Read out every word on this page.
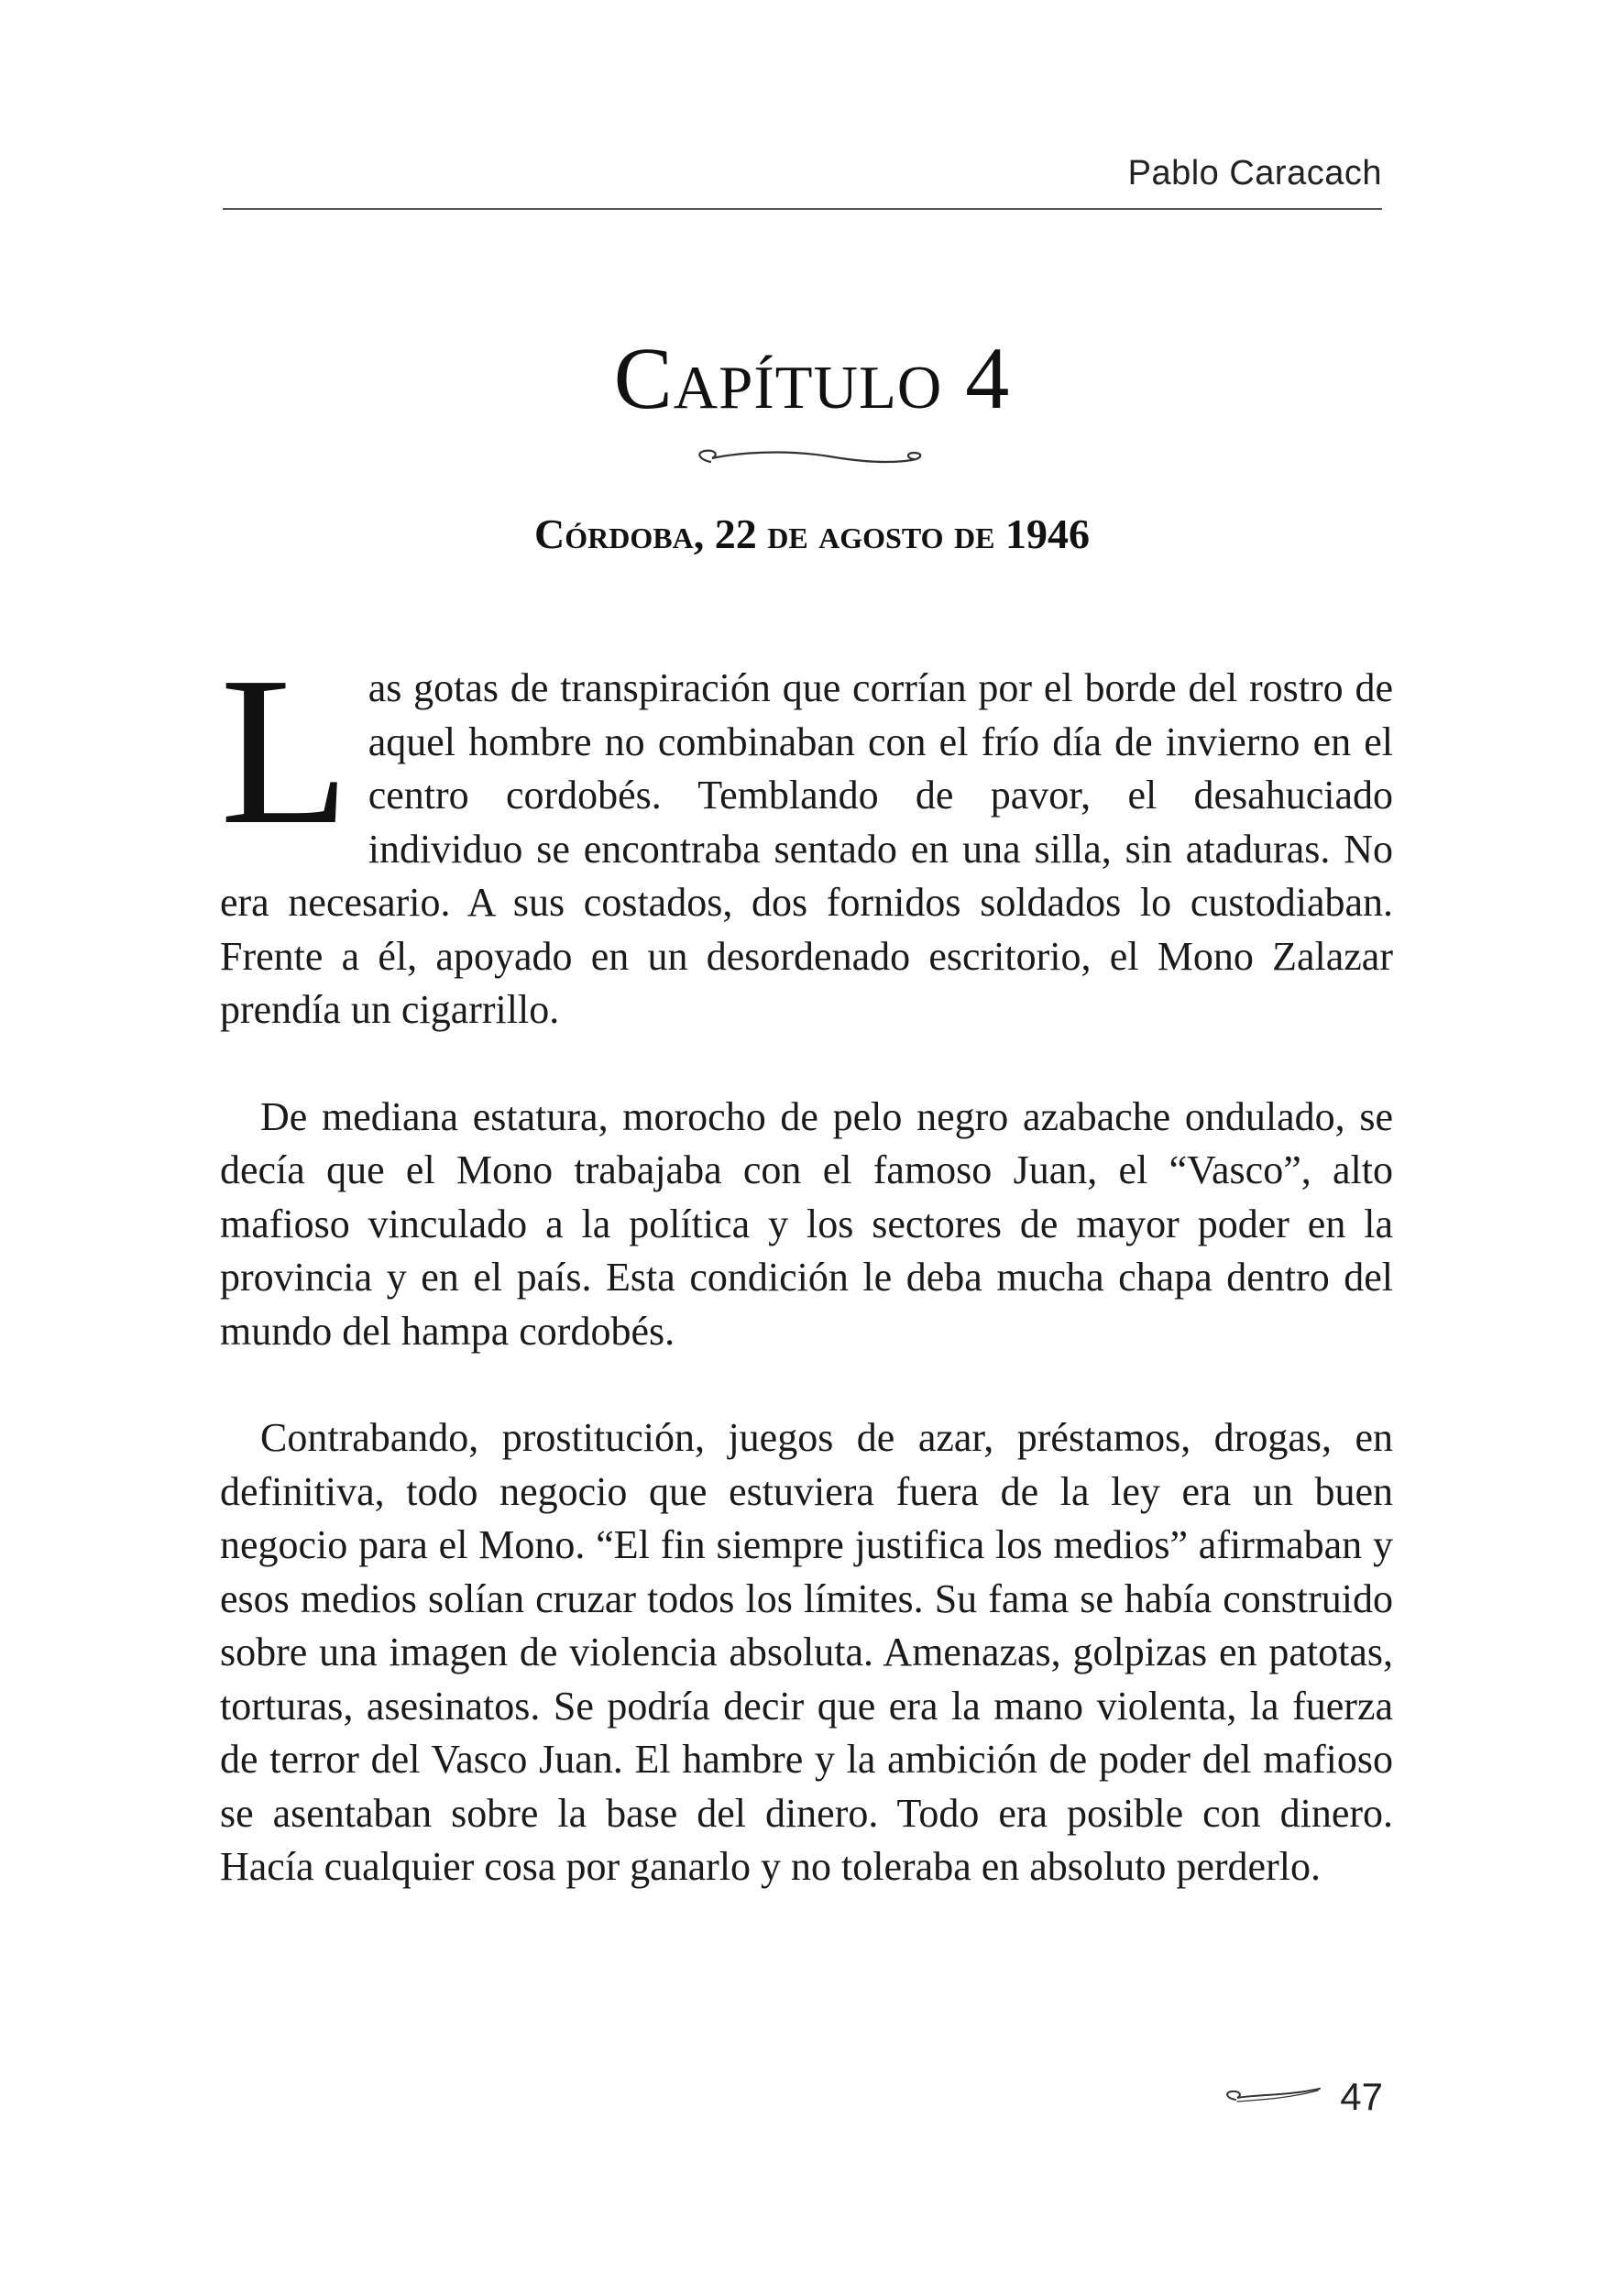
Pablo Caracach
Capítulo 4
Córdoba, 22 de agosto de 1946

Las gotas de transpiración que corrían por el borde del rostro de aquel hombre no combinaban con el frío día de invierno en el centro cordobés. Temblando de pavor, el desahuciado individuo se encontraba sentado en una silla, sin ataduras. No era necesario. A sus costados, dos fornidos soldados lo custodiaban. Frente a él, apoyado en un desordenado escritorio, el Mono Zalazar prendía un cigarrillo.

De mediana estatura, morocho de pelo negro azabache ondulado, se decía que el Mono trabajaba con el famoso Juan, el “Vasco”, alto mafioso vinculado a la política y los sectores de mayor poder en la provincia y en el país. Esta condición le deba mucha chapa dentro del mundo del hampa cordobés.

Contrabando, prostitución, juegos de azar, préstamos, drogas, en definitiva, todo negocio que estuviera fuera de la ley era un buen negocio para el Mono. “El fin siempre justifica los medios” afirmaban y esos medios solían cruzar todos los límites. Su fama se había construido sobre una imagen de violencia absoluta. Amenazas, golpizas en patotas, torturas, asesinatos. Se podría decir que era la mano violenta, la fuerza de terror del Vasco Juan. El hambre y la ambición de poder del mafioso se asentaban sobre la base del dinero. Todo era posible con dinero. Hacía cualquier cosa por ganarlo y no toleraba en absoluto perderlo.

47
